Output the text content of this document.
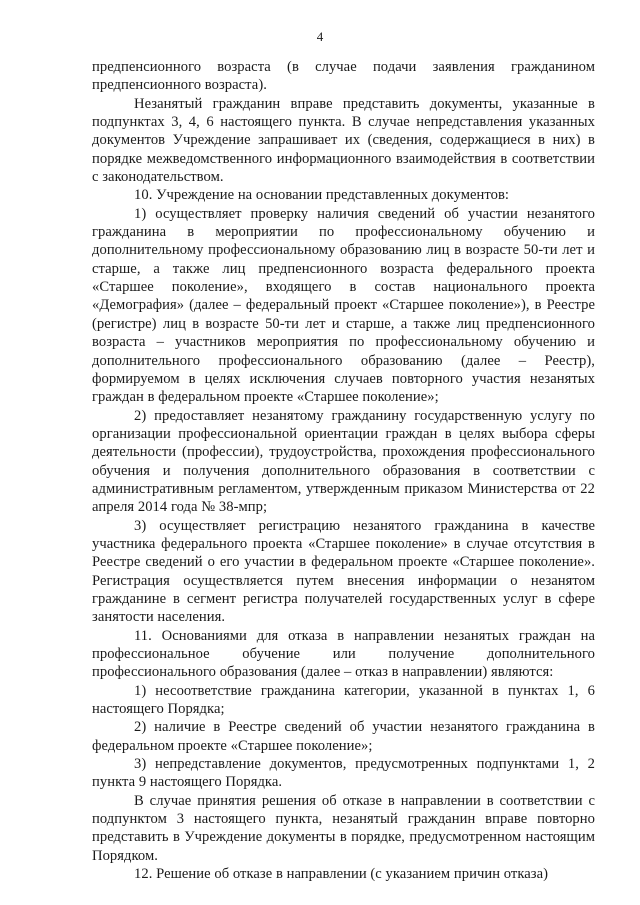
4

предпенсионного возраста (в случае подачи заявления гражданином предпенсионного возраста).

Незанятый гражданин вправе представить документы, указанные в подпунктах 3, 4, 6 настоящего пункта. В случае непредставления указанных документов Учреждение запрашивает их (сведения, содержащиеся в них) в порядке межведомственного информационного взаимодействия в соответствии с законодательством.

10. Учреждение на основании представленных документов:

1) осуществляет проверку наличия сведений об участии незанятого гражданина в мероприятии по профессиональному обучению и дополнительному профессиональному образованию лиц в возрасте 50-ти лет и старше, а также лиц предпенсионного возраста федерального проекта «Старшее поколение», входящего в состав национального проекта «Демография» (далее – федеральный проект «Старшее поколение»), в Реестре (регистре) лиц в возрасте 50-ти лет и старше, а также лиц предпенсионного возраста – участников мероприятия по профессиональному обучению и дополнительного профессионального образованию (далее – Реестр), формируемом в целях исключения случаев повторного участия незанятых граждан в федеральном проекте «Старшее поколение»;

2) предоставляет незанятому гражданину государственную услугу по организации профессиональной ориентации граждан в целях выбора сферы деятельности (профессии), трудоустройства, прохождения профессионального обучения и получения дополнительного образования в соответствии с административным регламентом, утвержденным приказом Министерства от 22 апреля 2014 года № 38-мпр;

3) осуществляет регистрацию незанятого гражданина в качестве участника федерального проекта «Старшее поколение» в случае отсутствия в Реестре сведений о его участии в федеральном проекте «Старшее поколение». Регистрация осуществляется путем внесения информации о незанятом гражданине в сегмент регистра получателей государственных услуг в сфере занятости населения.

11. Основаниями для отказа в направлении незанятых граждан на профессиональное обучение или получение дополнительного профессионального образования (далее – отказ в направлении) являются:

1) несоответствие гражданина категории, указанной в пунктах 1, 6 настоящего Порядка;

2) наличие в Реестре сведений об участии незанятого гражданина в федеральном проекте «Старшее поколение»;

3) непредставление документов, предусмотренных подпунктами 1, 2 пункта 9 настоящего Порядка.

В случае принятия решения об отказе в направлении в соответствии с подпунктом 3 настоящего пункта, незанятый гражданин вправе повторно представить в Учреждение документы в порядке, предусмотренном настоящим Порядком.

12. Решение об отказе в направлении (с указанием причин отказа)
